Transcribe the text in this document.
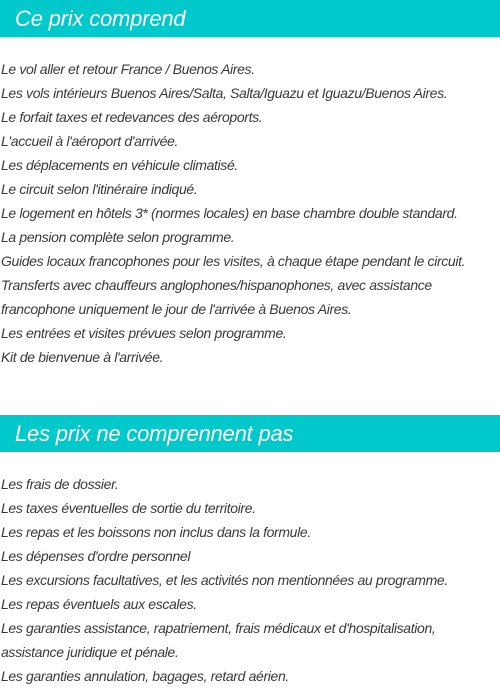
Ce prix comprend
Le vol aller et retour France / Buenos Aires.
Les vols intérieurs Buenos Aires/Salta, Salta/Iguazu et Iguazu/Buenos Aires.
Le forfait taxes et redevances des aéroports.
L'accueil à l'aéroport d'arrivée.
Les déplacements en véhicule climatisé.
Le circuit selon l'itinéraire indiqué.
Le logement en hôtels 3* (normes locales) en base chambre double standard.
La pension complète selon programme.
Guides locaux francophones pour les visites, à chaque étape pendant le circuit.
Transferts avec chauffeurs anglophones/hispanophones, avec assistance francophone uniquement le jour de l'arrivée à Buenos Aires.
Les entrées et visites prévues selon programme.
Kit de bienvenue à l'arrivée.
Les prix ne comprennent pas
Les frais de dossier.
Les taxes éventuelles de sortie du territoire.
Les repas et les boissons non inclus dans la formule.
Les dépenses d'ordre personnel
Les excursions facultatives, et les activités non mentionnées au programme.
Les repas éventuels aux escales.
Les garanties assistance, rapatriement, frais médicaux et d'hospitalisation, assistance juridique et pénale.
Les garanties annulation, bagages, retard aérien.
